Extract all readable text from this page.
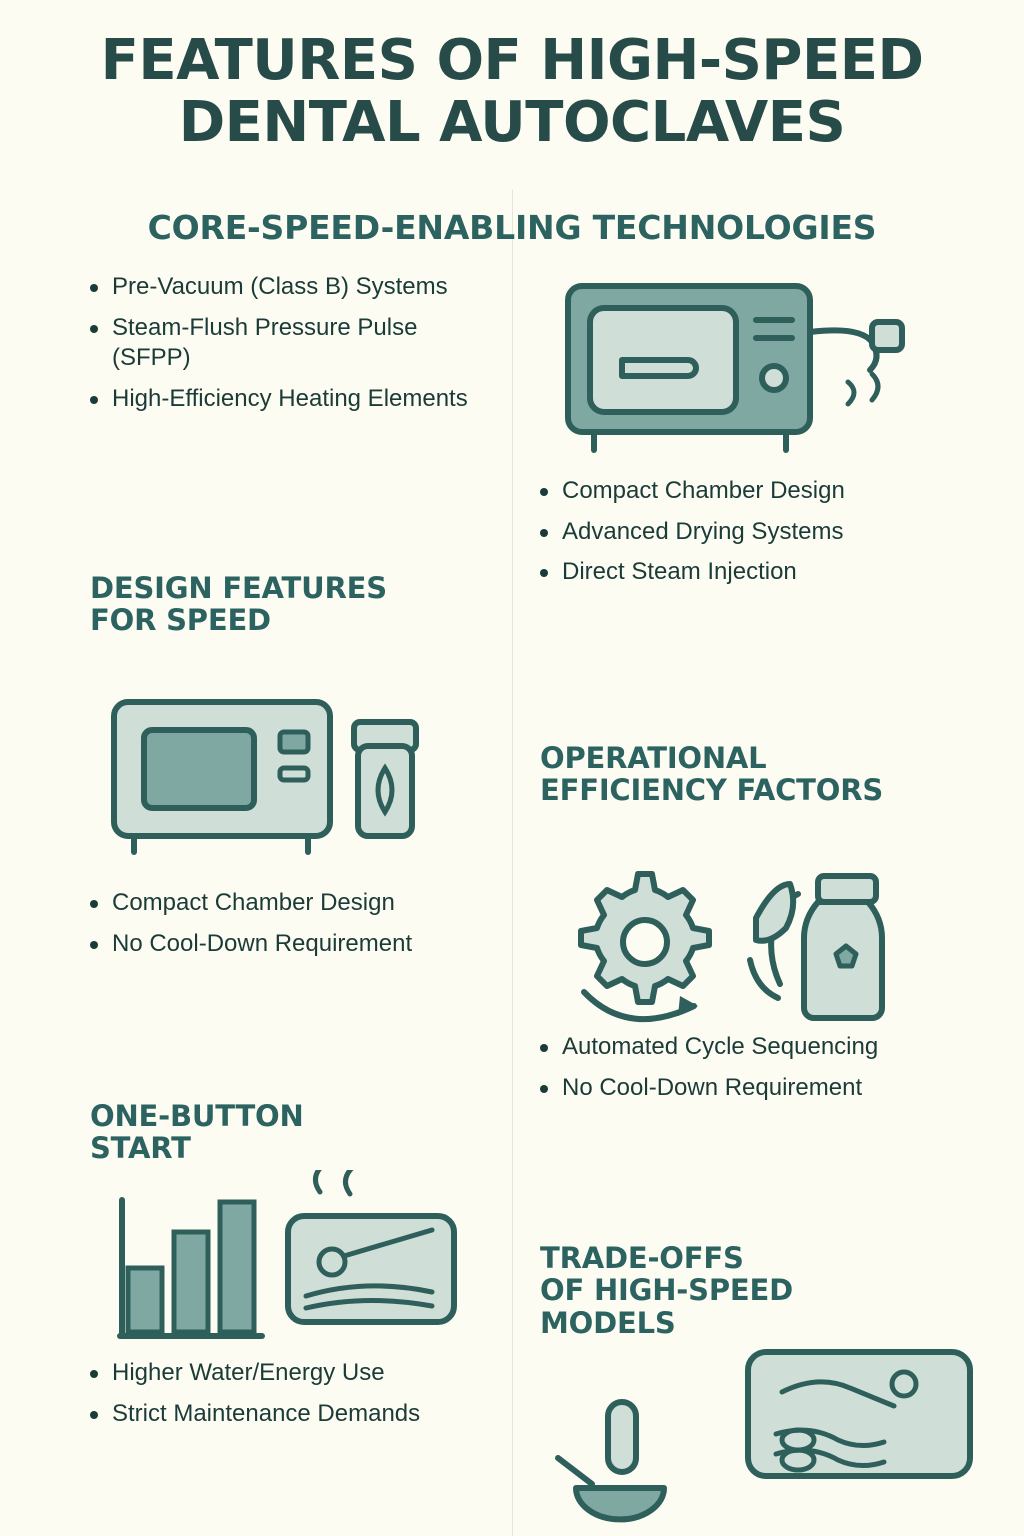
FEATURES OF HIGH-SPEED
DENTAL AUTOCLAVES
CORE-SPEED-ENABLING TECHNOLOGIES
Pre-Vacuum (Class B) Systems
Steam-Flush Pressure Pulse (SFPP)
High-Efficiency Heating Elements
DESIGN FEATURES
FOR SPEED
Compact Chamber Design
No Cool-Down Requirement
ONE-BUTTON
START
Higher Water/Energy Use
Strict Maintenance Demands
Compact Chamber Design
Advanced Drying Systems
Direct Steam Injection
OPERATIONAL
EFFICIENCY FACTORS
Automated Cycle Sequencing
No Cool-Down Requirement
TRADE-OFFS
OF HIGH-SPEED
MODELS
